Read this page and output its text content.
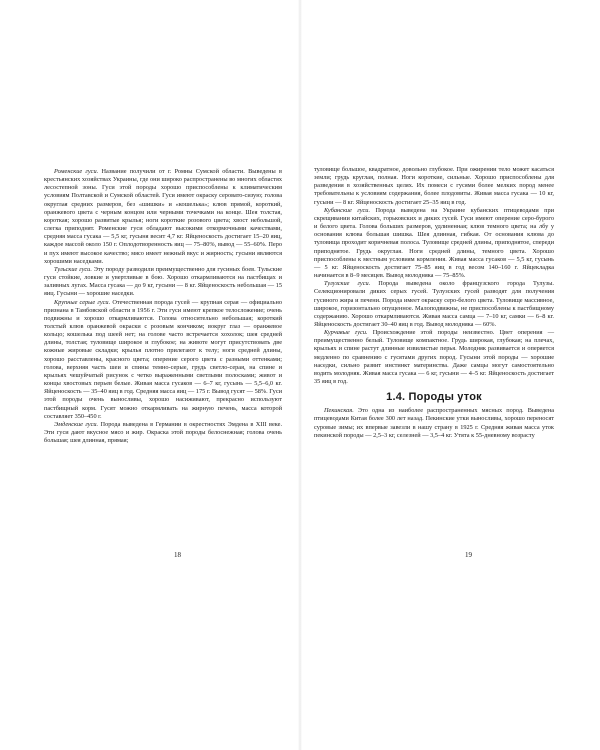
Роменские гуси. Название получили от г. Ромны Сумской области. Выведены в крестьянских хозяйствах Украины, где они широко распространены во многих областях лесостепной зоны. Гуси этой породы хорошо приспособлены к климатическим условиям Полтавской и Сумской областей. Гуси имеют окраску серовато-сизую; голова округлая средних размеров, без «шишки» и «кошелька»; клюв прямой, короткий, оранжевого цвета с черным концом или черными точечками на конце. Шея толстая, короткая; хорошо развитые крылья; ноги короткие розового цвета; хвост небольшой, слегка приподнят. Роменские гуси обладают высокими откормочными качествами, средняя масса гусака — 5,5 кг, гусыня весит 4,7 кг. Яйценоскость достигает 15–20 яиц, каждое массой около 150 г. Оплодотворенность яиц — 75–80%, вывод — 55–60%. Перо и пух имеют высокое качество; мясо имеет нежный вкус и жирность; гусыни являются хорошими наседками.

Тульские гуси. Эту породу разводили преимущественно для гусиных боев. Тульские гуси стойкие, ловкие и увертливые в бою. Хорошо откармливаются на пастбищах и заливных лугах. Масса гусака — до 9 кг, гусыни — 8 кг. Яйценоскость небольшая — 15 яиц. Гусыни — хорошие наседки.

Крупные серые гуси. Отечественная порода гусей — крупная серая — официально признана в Тамбовской области в 1956 г. Эти гуси имеют крепкое телосложение; очень подвижны и хорошо откармливаются. Голова относительно небольшая; короткий толстый клюв оранжевой окраски с розовым кончиком; вокруг глаз — оранжевое кольцо; кошелька под шеей нет; на голове часто встречается хохолок; шея средней длины, толстая; туловище широкое и глубокое; на животе могут присутствовать две кожные жировые складки; крылья плотно прилегают к телу; ноги средней длины, хорошо расставлены, красного цвета; оперение серого цвета с разными оттенками; голова, верхняя часть шеи и спины темно-серые, грудь светло-серая, на спине и крыльях чешуйчатый рисунок с четко выраженными светлыми полосками; живот и концы хвостовых перьев белые. Живая масса гусаков — 6–7 кг, гусынь — 5,5–6,0 кг. Яйценоскость — 35–40 яиц в год. Средняя масса яиц — 175 г. Вывод гусят — 58%. Гуси этой породы очень выносливы, хорошо насиживают, прекрасно используют пастбищный корм. Гусят можно откармливать на жирную печень, масса которой составляет 350–450 г.

Эмденские гуси. Порода выведена в Германии в окрестностях Эмдена в XIII веке. Эти гуси дают вкусное мясо и жир. Окраска этой породы белоснежная; голова очень большая; шея длинная, прямая;

18

туловище большое, квадратное, довольно глубокое. При ожирении тело может касаться земли; грудь круглая, полная. Ноги короткие, сильные. Хорошо приспособлены для разведения в хозяйственных целях. Их помеси с гусями более мелких пород менее требовательны к условиям содержания, более плодовиты. Живая масса гусака — 10 кг, гусыни — 8 кг. Яйценоскость достигает 25–35 яиц в год.

Кубанские гуси. Порода выведена на Украине кубанских птицеводами при скрещивании китайских, горьковских и диких гусей. Гуси имеют оперение серо-бурого и белого цвета. Голова больших размеров, удлиненная; клюв темного цвета; на лбу у основания клюва большая шишка. Шея длинная, гибкая. От основания клюва до туловища проходит коричневая полоса. Туловище средней длины, приподнятое, спереди приподнятое. Грудь округлая. Ноги средней длины, темного цвета. Хорошо приспособлены к местным условиям кормления. Живая масса гусаков — 5,5 кг, гусынь — 5 кг. Яйценоскость достигает 75–85 яиц в год весом 140–160 г. Яйцекладка начинается в 8–9 месяцев. Вывод молодняка — 75–85%.

Тулузские гуси. Порода выведена около французского города Тулузы. Селекционировали диких серых гусей. Тулузских гусей разводят для получения гусиного жира и печени. Порода имеет окраску серо-белого цвета. Туловище массивное, широкое, горизонтально опущенное. Малоподвижны, не приспособлены к пастбищному содержанию. Хорошо откармливаются. Живая масса самца — 7–10 кг, самки — 6–8 кг. Яйценоскость достигает 30–40 яиц в год. Вывод молодняка — 60%.

Курчавые гуси. Происхождение этой породы неизвестно. Цвет оперения — преимущественно белый. Туловище компактное. Грудь широкая, глубокая; на плечах, крыльях и спине растут длинные извилистые перья. Молодняк развивается и оперяется медленно по сравнению с гусятами других пород. Гусыни этой породы — хорошие наседки, сильно развит инстинкт материнства. Даже самцы могут самостоятельно водить молодняк. Живая масса гусака — 6 кг, гусыни — 4–5 кг. Яйценоскость достигает 35 яиц в год.

1.4. Породы уток

Пекинская. Это одна из наиболее распространенных мясных пород. Выведена птицеводами Китая более 300 лет назад. Пекинские утки выносливы, хорошо переносят суровые зимы; их впервые завезли в нашу страну в 1925 г. Средняя живая масса уток пекинской породы — 2,5–3 кг, селезней — 3,5–4 кг. Утята к 55-дневному возрасту

19
